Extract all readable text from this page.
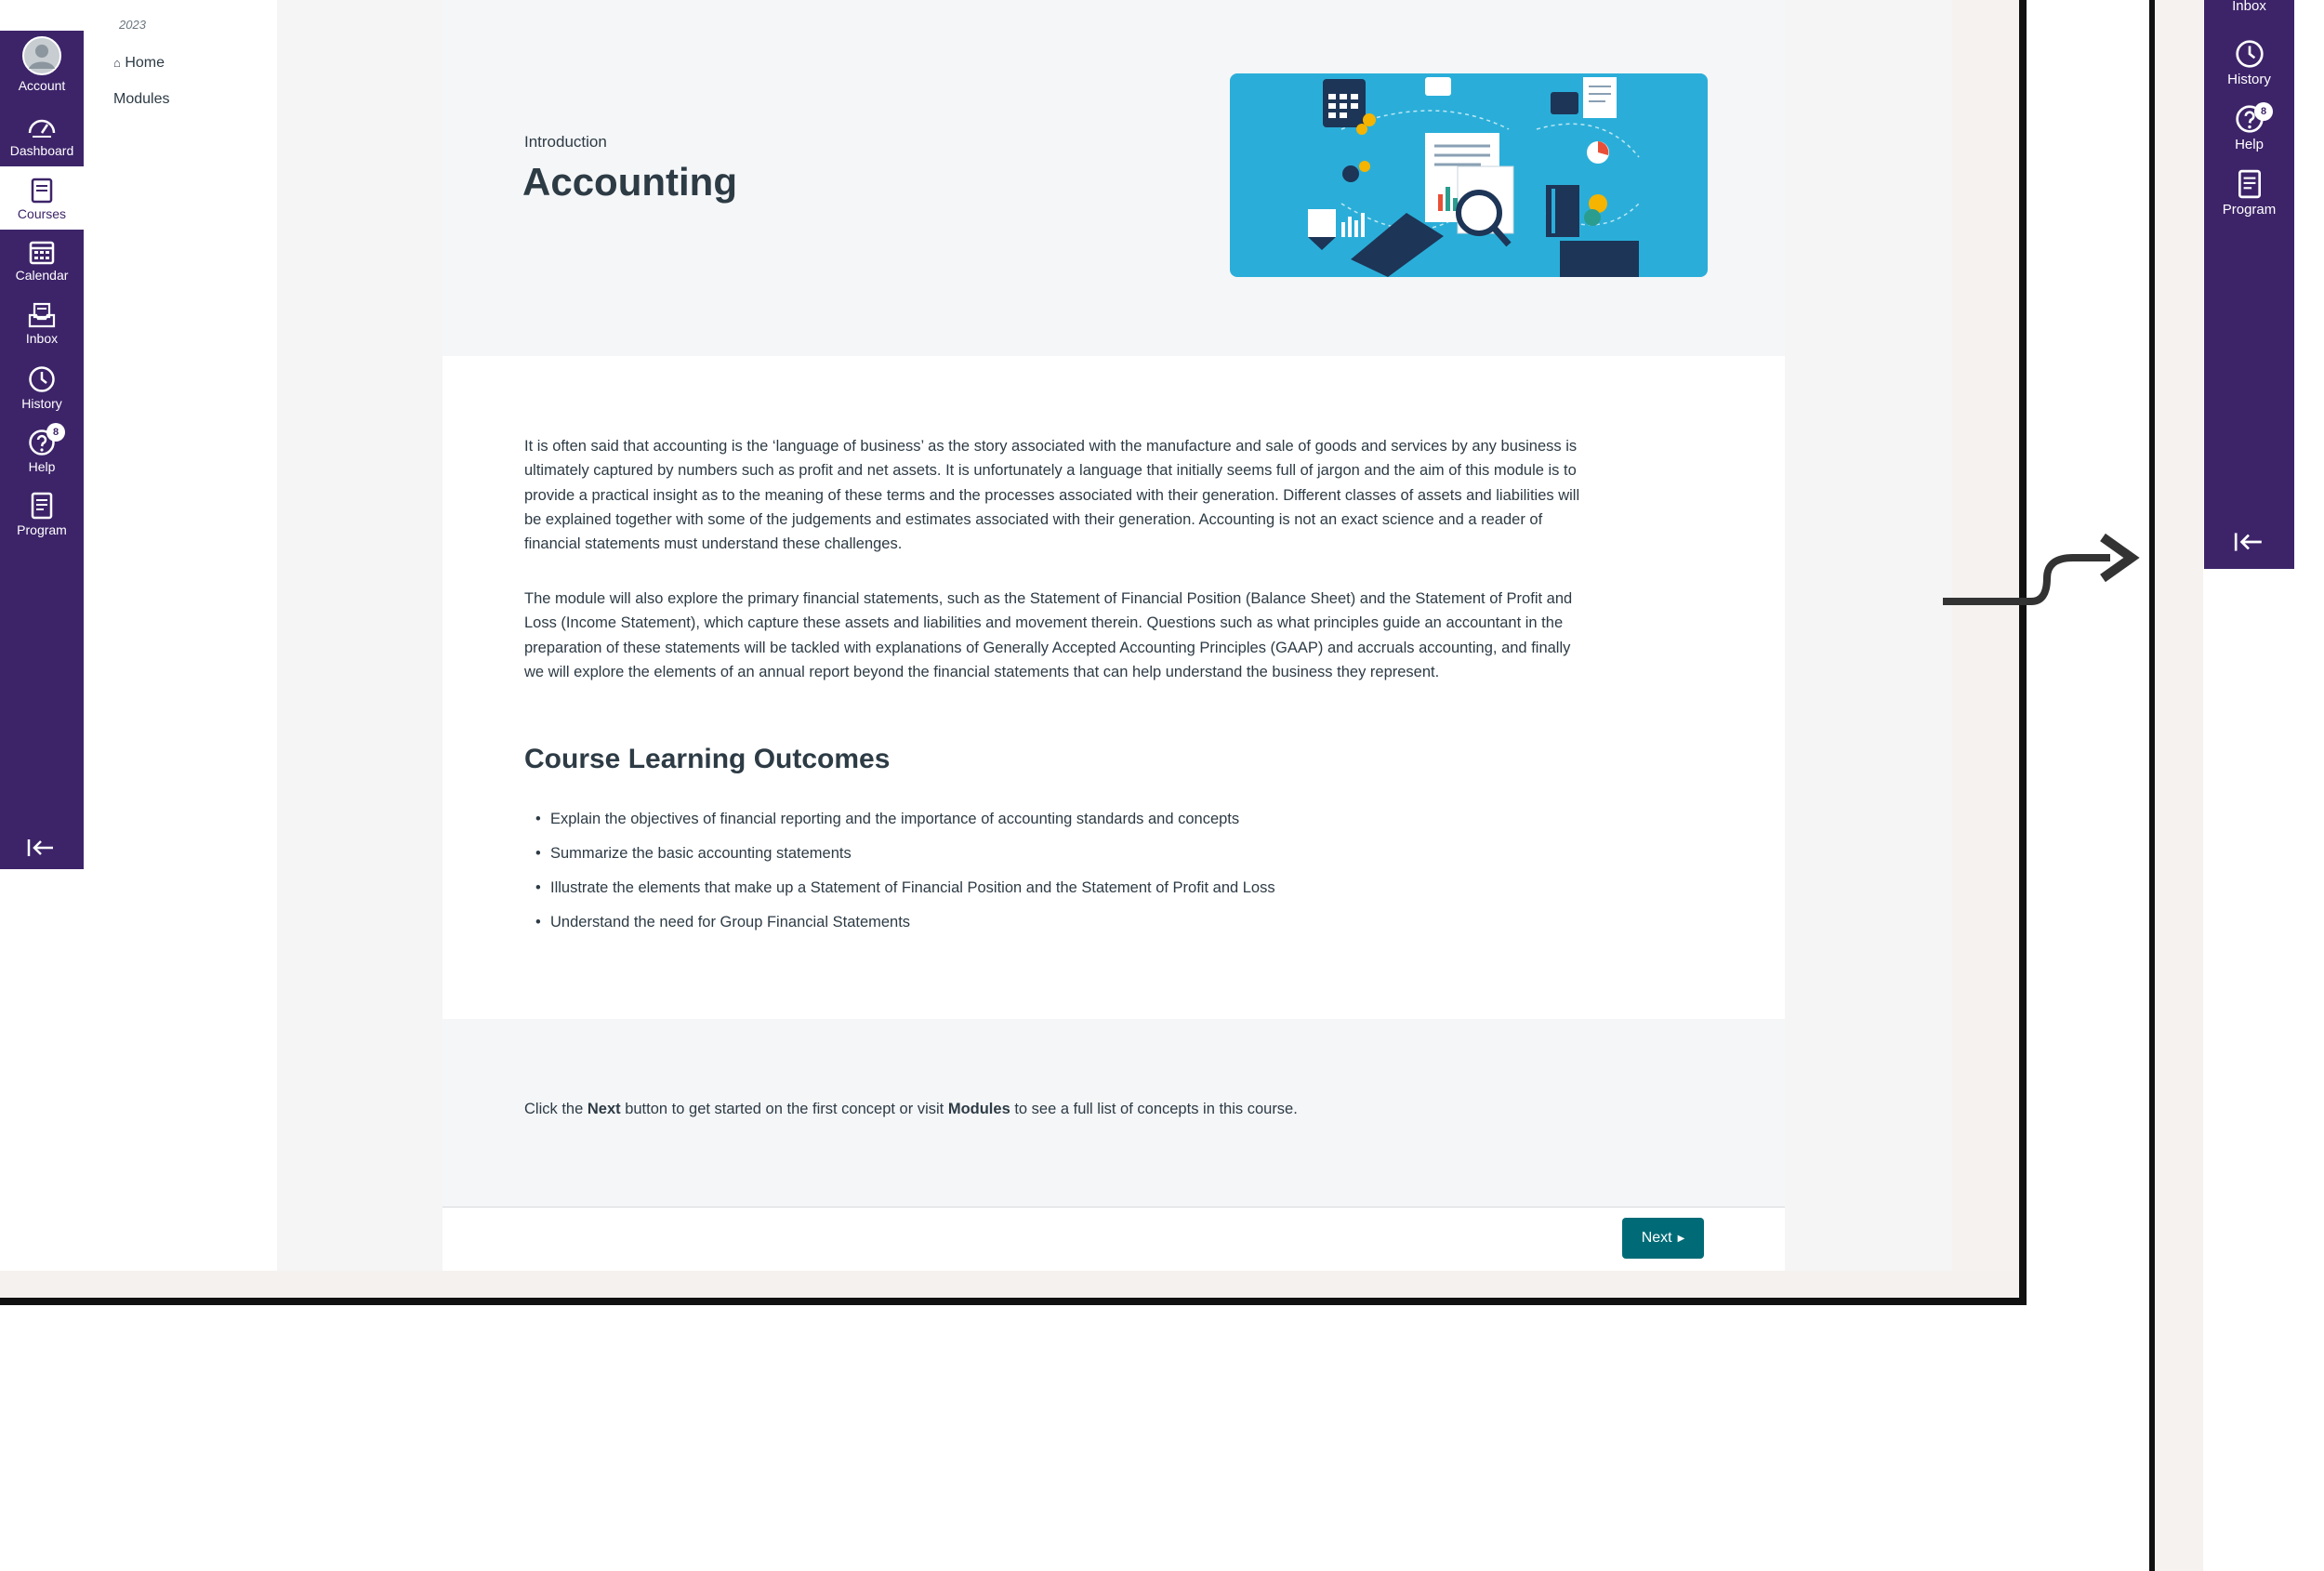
Account
Dashboard
Courses
Calendar
Inbox
History
8
Help
Program
2023
⌂ Home
Modules
Introduction
Accounting

It is often said that accounting is the ‘language of business’ as the story associated with the manufacture and sale of goods and services by any business is ultimately captured by numbers such as profit and net assets. It is unfortunately a language that initially seems full of jargon and the aim of this module is to provide a practical insight as to the meaning of these terms and the processes associated with their generation. Different classes of assets and liabilities will be explained together with some of the judgements and estimates associated with their generation. Accounting is not an exact science and a reader of financial statements must understand these challenges.

The module will also explore the primary financial statements, such as the Statement of Financial Position (Balance Sheet) and the Statement of Profit and Loss (Income Statement), which capture these assets and liabilities and movement therein. Questions such as what principles guide an accountant in the preparation of these statements will be tackled with explanations of Generally Accepted Accounting Principles (GAAP) and accruals accounting, and finally we will explore the elements of an annual report beyond the financial statements that can help understand the business they represent.

Course Learning Outcomes
• Explain the objectives of financial reporting and the importance of accounting standards and concepts
• Summarize the basic accounting statements
• Illustrate the elements that make up a Statement of Financial Position and the Statement of Profit and Loss
• Understand the need for Group Financial Statements
Click the Next button to get started on the first concept or visit Modules to see a full list of concepts in this course.
Next ▶
Inbox
History
8
Help
Program
